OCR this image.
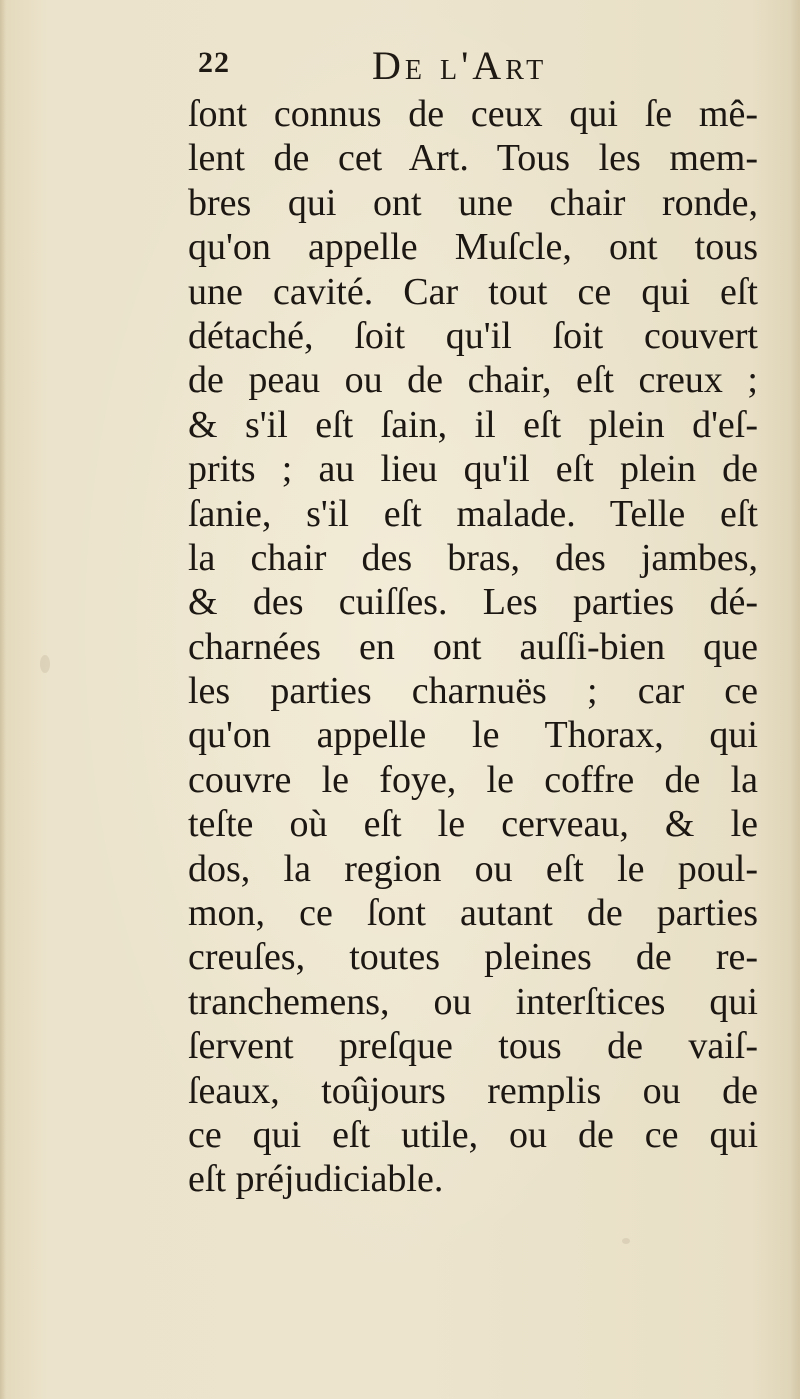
22	De l'Art
ſont connus de ceux qui ſe mê-
lent de cet Art. Tous les mem-
bres qui ont une chair ronde,
qu'on appelle Muſcle, ont tous
une cavité. Car tout ce qui eſt
détaché, ſoit qu'il ſoit couvert
de peau ou de chair, eſt creux ;
& s'il eſt ſain, il eſt plein d'eſ-
prits ; au lieu qu'il eſt plein de
ſanie, s'il eſt malade. Telle eſt
la chair des bras, des jambes,
& des cuiſſes. Les parties dé-
charnées en ont auſſi-bien que
les parties charnuës ; car ce
qu'on appelle le Thorax, qui
couvre le foye, le coffre de la
teſte où eſt le cerveau, & le
dos, la region ou eſt le poul-
mon, ce ſont autant de parties
creuſes, toutes pleines de re-
tranchemens, ou interſtices qui
ſervent preſque tous de vaiſ-
ſeaux, toûjours remplis ou de
ce qui eſt utile, ou de ce qui
eſt préjudiciable.
